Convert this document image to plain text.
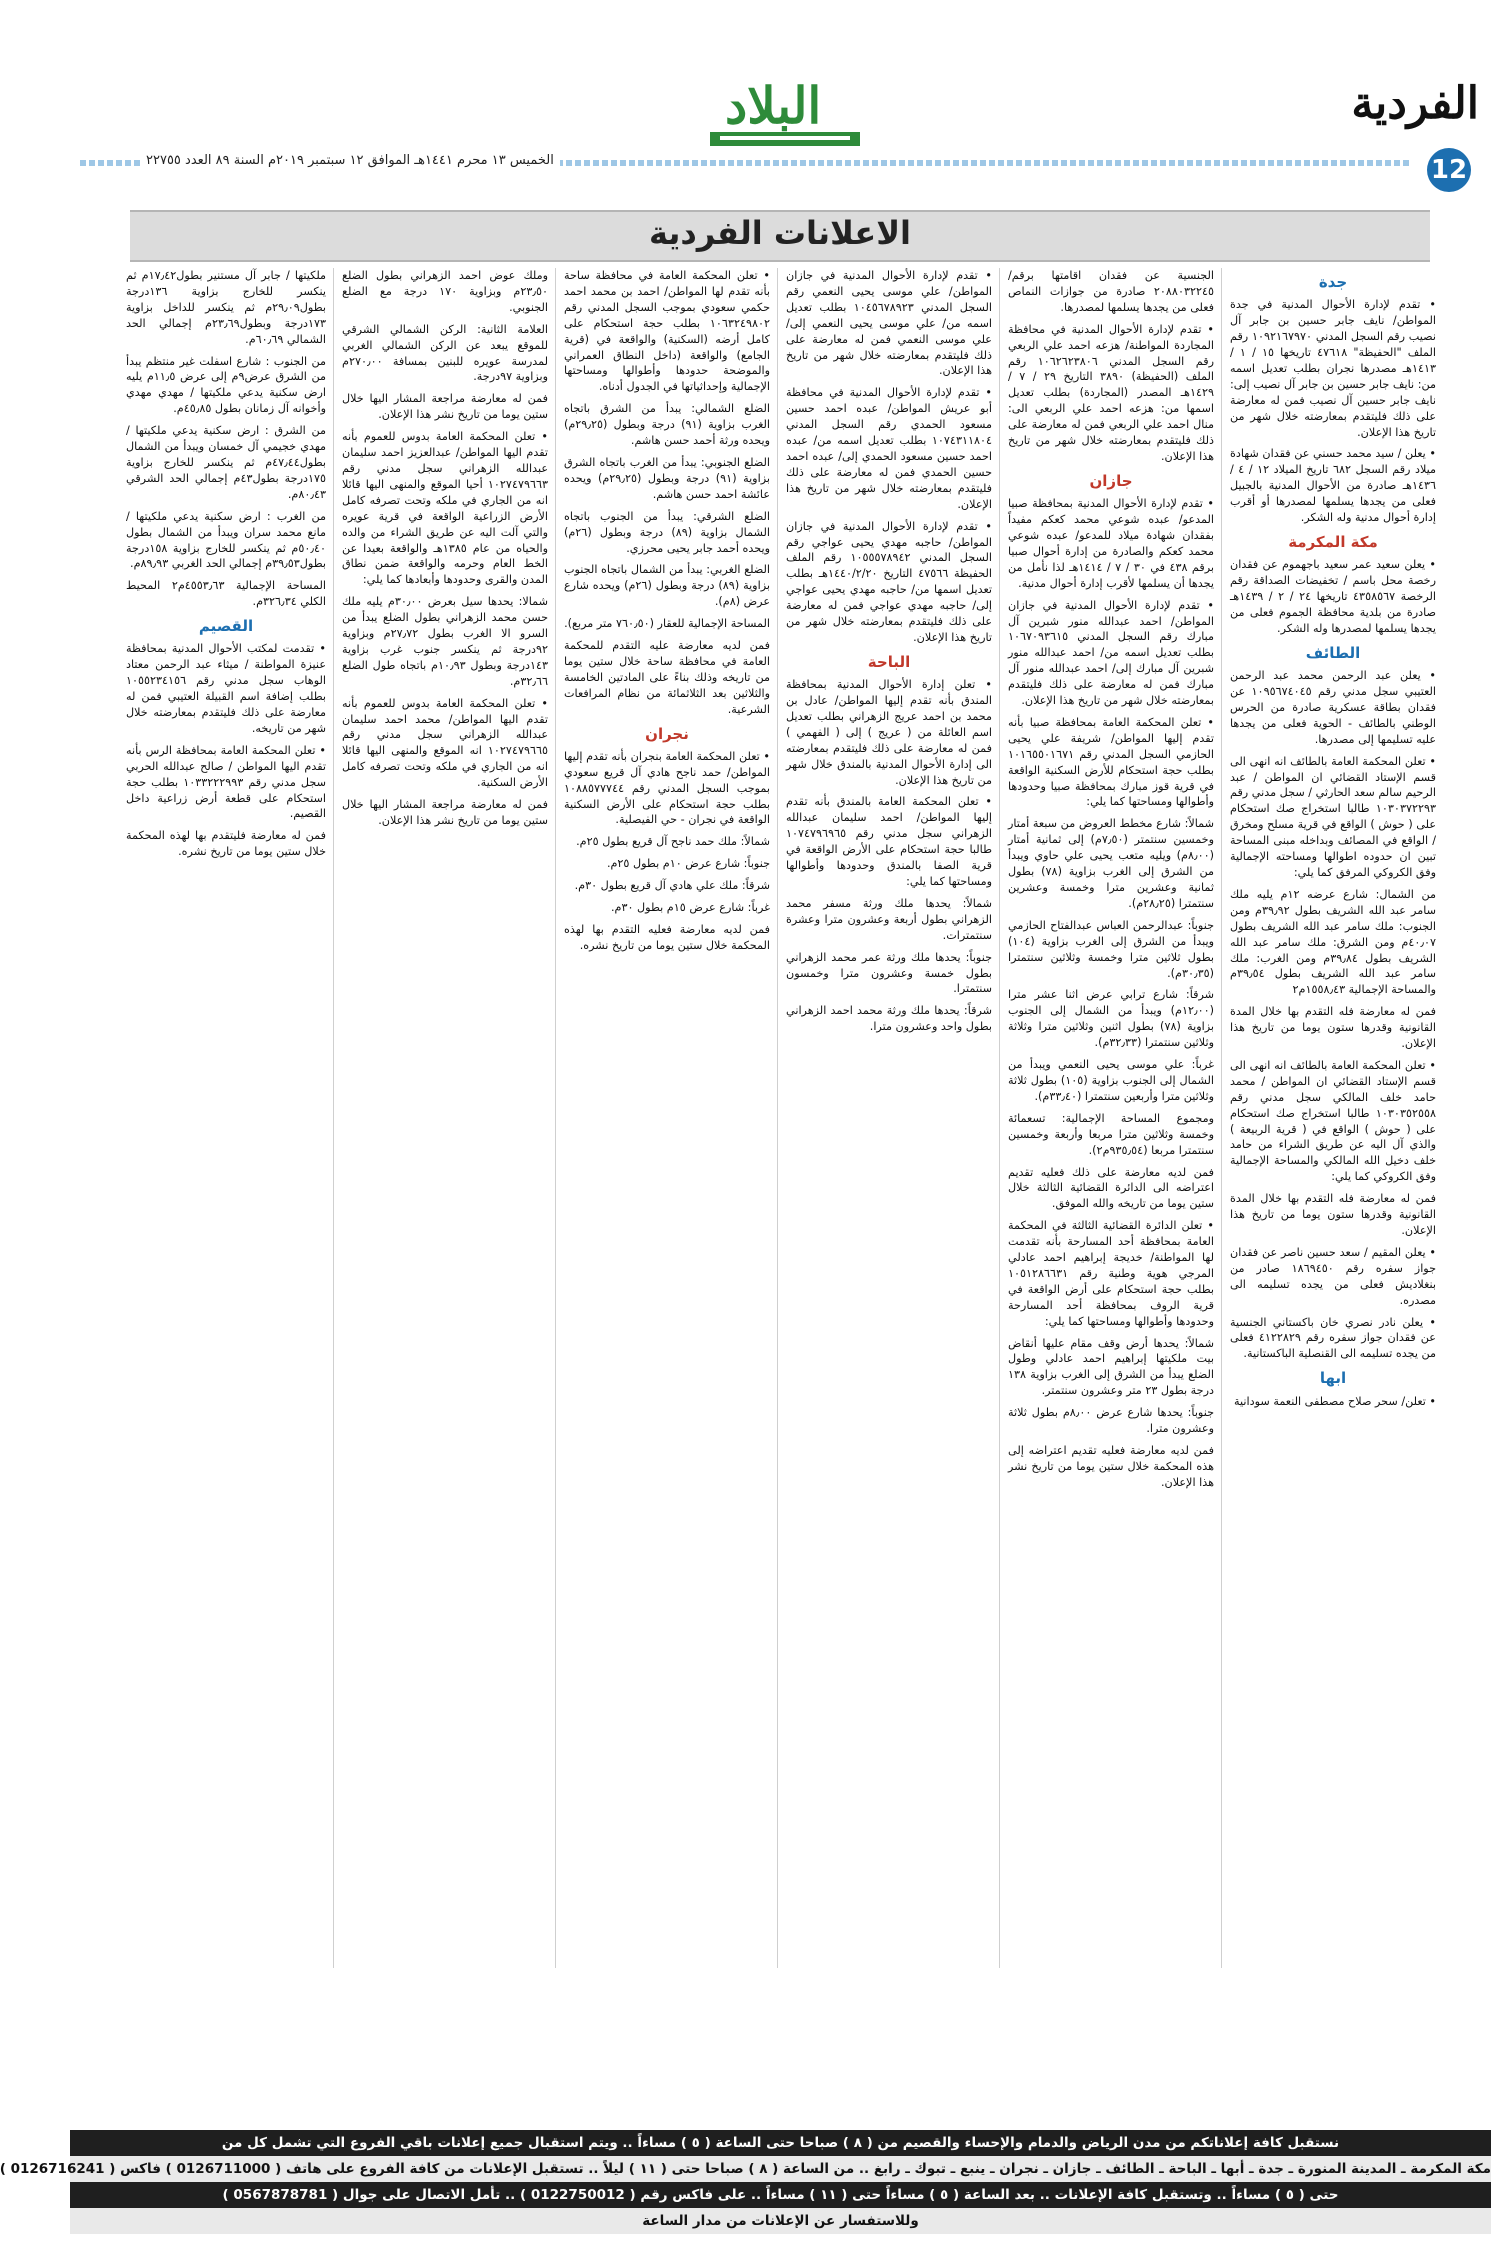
الفردية
12
البلاد
الخميس ١٣ محرم ١٤٤١هـ الموافق ١٢ سبتمبر ٢٠١٩م السنة ٨٩ العدد ٢٢٧٥٥
الاعلانات الفردية
جدة

• تقدم لإدارة الأحوال المدنية في جدة المواطن/ نايف جابر حسين بن جابر آل نصيب رقم السجل المدني ١٠٩٢١٦٧٩٧٠ رقم الملف "الحفيظة" ٤٧٦١٨ تاريخها ١٥ / ١ / ١٤١٣هـ مصدرها نجران بطلب تعديل اسمه من: نايف جابر حسين بن جابر آل نصيب إلى: نايف جابر حسين آل نصيب فمن له معارضة على ذلك فليتقدم بمعارضته خلال شهر من تاريخ هذا الإعلان.

• يعلن / سيد محمد حسني عن فقدان شهادة ميلاد رقم السجل ٦٨٢ تاريخ الميلاد ١٢ / ٤ / ١٤٣٦هـ صادرة من الأحوال المدنية بالجبيل فعلى من يجدها يسلمها لمصدرها أو أقرب إدارة أحوال مدنية وله الشكر.

مكة المكرمة

• يعلن سعيد عمر سعيد باجهموم عن فقدان رخصة محل باسم / تخفيضات الصداقة رقم الرخصة ٤٣٥٨٥٦٧ تاريخها ٢٤ / ٢ / ١٤٣٩هـ صادرة من بلدية محافظة الجموم فعلى من يجدها يسلمها لمصدرها وله الشكر.

الطائف

• يعلن عبد الرحمن محمد عبد الرحمن العتيبي سجل مدني رقم ١٠٩٥٦٧٤٠٤٥ عن فقدان بطاقة عسكرية صادرة من الحرس الوطني بالطائف - الحوية فعلى من يجدها عليه تسليمها إلى مصدرها.

• تعلن المحكمة العامة بالطائف انه انهى الى قسم الإستاد القضائي ان المواطن / عبد الرحيم سالم سعد الحارثي / سجل مدني رقم ١٠٣٠٣٧٢٢٩٣ طالبا استخراج صك استحكام على ( حوش ) الواقع في قرية مسلح ومخرق / الواقع في المصائف وبداخله مبنى المساحة تبين ان حدوده اطوالها ومساحته الإجمالية وفق الكروكي المرفق كما يلي:

من الشمال: شارع عرضه ١٢م يليه ملك سامر عبد الله الشريف بطول ٣٩٫٩٢م ومن الجنوب: ملك سامر عبد الله الشريف بطول ٤٠٫٠٧م ومن الشرق: ملك سامر عبد الله الشريف بطول ٣٩٫٨٤م ومن الغرب: ملك سامر عبد الله الشريف بطول ٣٩٫٥٤م والمساحة الإجمالية ١٥٥٨٫٤٣م٢

فمن له معارضة فله التقدم بها خلال المدة القانونية وقدرها ستون يوما من تاريخ هذا الإعلان.

• تعلن المحكمة العامة بالطائف انه انهى الى قسم الإستاد القضائي ان المواطن / محمد حامد خلف المالكي سجل مدني رقم ١٠٣٠٣٥٢٥٥٨ طالبا استخراج صك استحكام على ( حوش ) الواقع في ( قرية الربيعة ) والذي آل اليه عن طريق الشراء من حامد خلف دخيل الله المالكي والمساحة الإجمالية وفق الكروكي كما يلي:

فمن له معارضة فله التقدم بها خلال المدة القانونية وقدرها ستون يوما من تاريخ هذا الإعلان.

• يعلن المقيم / سعد حسين ناصر عن فقدان جواز سفره رقم ١٨٦٩٤٥٠ صادر من بنغلاديش فعلى من يجده تسليمه الى مصدره.

• يعلن نادر نصري خان باكستاني الجنسية عن فقدان جواز سفره رقم ٤١٢٢٨٢٩ فعلى من يجده تسليمه الى القنصلية الباكستانية.

ابها

• تعلن/ سحر صلاح مصطفى النعمة سودانية

الجنسية عن فقدان اقامتها برقم/ ٢٠٨٨٠٣٢٢٤٥ صادرة من جوازات النماص فعلى من يجدها يسلمها لمصدرها.

• تقدم لإدارة الأحوال المدنية في محافظة المجاردة المواطنة/ هزعه احمد علي الربعي رقم السجل المدني ١٠٦٢٦٢٣٨٠٦ رقم الملف (الحفيظة) ٣٨٩٠ التاريخ ٢٩ / ٧ / ١٤٢٩هـ المصدر (المجاردة) بطلب تعديل اسمها من: هزعه احمد علي الربعي الى: منال احمد علي الربعي فمن له معارضة على ذلك فليتقدم بمعارضته خلال شهر من تاريخ هذا الإعلان.

جازان

• تقدم لإدارة الأحوال المدنية بمحافظة صبيا المدعو/ عبده شوعي محمد كعكم مفيداً بفقدان شهادة ميلاد للمدعو/ عبده شوعي محمد كعكم والصادرة من إدارة أحوال صبيا برقم ٤٣٨ في ٣٠ / ٧ / ١٤١٤هـ لذا نأمل من يجدها أن يسلمها لأقرب إدارة أحوال مدنية.

• تقدم لإدارة الأحوال المدنية في جازان المواطن/ احمد عبدالله منور شبرين آل مبارك رقم السجل المدني ١٠٦٧٠٩٣٦١٥ بطلب تعديل اسمه من/ احمد عبدالله منور شبرين آل مبارك إلى/ احمد عبدالله منور آل مبارك فمن له معارضة على ذلك فليتقدم بمعارضته خلال شهر من تاريخ هذا الإعلان.

• تعلن المحكمة العامة بمحافظة صبيا بأنه تقدم إليها المواطن/ شريفة علي يحيى الحازمي السجل المدني رقم ١٠١٦٥٥٠١٦٧١ بطلب حجة استحكام للأرض السكنية الواقعة في قرية قوز مبارك بمحافظة صبيا وحدودها وأطوالها ومساحتها كما يلي:

شمالاً: شارع مخطط العروض من سبعة أمتار وخمسين سنتمتر (٧٫٥٠م) إلى ثمانية أمتار (٨٫٠٠م) ويليه متعب يحيى علي حاوي ويبدأ من الشرق إلى الغرب بزاوية (٧٨) بطول ثمانية وعشرين مترا وخمسة وعشرين سنتمترا (٢٨٫٢٥م).

جنوباً: عبدالرحمن العباس عبدالفتاح الحازمي ويبدأ من الشرق إلى الغرب بزاوية (١٠٤) بطول ثلاثين مترا وخمسة وثلاثين سنتمترا (٣٠٫٣٥م).

شرقاً: شارع ترابي عرض اثنا عشر مترا (١٢٫٠٠م) ويبدأ من الشمال إلى الجنوب بزاوية (٧٨) بطول اثنين وثلاثين مترا وثلاثة وثلاثين سنتمترا (٣٢٫٣٣م).

غرباً: علي موسى يحيى النعمي ويبدأ من الشمال إلى الجنوب بزاوية (١٠٥) بطول ثلاثة وثلاثين مترا وأربعين سنتمترا (٣٣٫٤٠م).

ومجموع المساحة الإجمالية: تسعمائة وخمسة وثلاثين مترا مربعا وأربعة وخمسين سنتمترا مربعا (٩٣٥٫٥٤م٢).

فمن لديه معارضة على ذلك فعليه تقديم اعتراضه الى الدائرة القضائية الثالثة خلال ستين يوما من تاريخه والله الموفق.

• تعلن الدائرة القضائية الثالثة في المحكمة العامة بمحافظة أحد المسارحة بأنه تقدمت لها المواطنة/ خديجة إبراهيم احمد عادلي المرجي هوية وطنية رقم ١٠٥١٢٨٦٦٣١ بطلب حجة استحكام على أرض الواقعة في قرية الروف بمحافظة أحد المسارحة وحدودها وأطوالها ومساحتها كما يلي:

شمالاً: يحدها أرض وقف مقام عليها أنقاض بيت ملكيتها إبراهيم احمد عادلي وطول الضلع يبدأ من الشرق إلى الغرب بزاوية ١٣٨ درجة بطول ٢٣ متر وعشرون سنتمتر.

جنوباً: يحدها شارع عرض ٨٫٠٠م بطول ثلاثة وعشرون مترا.

فمن لديه معارضة فعليه تقديم اعتراضه إلى هذه المحكمة خلال ستين يوما من تاريخ نشر هذا الإعلان.

• تقدم لإدارة الأحوال المدنية في جازان المواطن/ علي موسى يحيى النعمي رقم السجل المدني ١٠٤٥٦٧٨٩٢٣ بطلب تعديل اسمه من/ علي موسى يحيى النعمي إلى/ علي موسى النعمي فمن له معارضة على ذلك فليتقدم بمعارضته خلال شهر من تاريخ هذا الإعلان.

• تقدم لإدارة الأحوال المدنية في محافظة أبو عريش المواطن/ عبده احمد حسين مسعود الحمدي رقم السجل المدني ١٠٧٤٣١١٨٠٤ بطلب تعديل اسمه من/ عبده احمد حسين مسعود الحمدي إلى/ عبده احمد حسين الحمدي فمن له معارضة على ذلك فليتقدم بمعارضته خلال شهر من تاريخ هذا الإعلان.

• تقدم لإدارة الأحوال المدنية في جازان المواطن/ حاجبه مهدي يحيى عواجي رقم السجل المدني ١٠٥٥٥٧٨٩٤٢ رقم الملف الحفيظة ٤٧٥٦٦ التاريخ ١٤٤٠/٢/٢٠هـ بطلب تعديل اسمها من/ حاجبه مهدي يحيى عواجي إلى/ حاجبه مهدي عواجي فمن له معارضة على ذلك فليتقدم بمعارضته خلال شهر من تاريخ هذا الإعلان.

الباحة

• تعلن إدارة الأحوال المدنية بمحافظة المندق بأنه تقدم إليها المواطن/ عادل بن محمد بن احمد عريج الزهراني بطلب تعديل اسم العائلة من ( عريج ) إلى ( الفهمي ) فمن له معارضة على ذلك فليتقدم بمعارضته الى إدارة الأحوال المدنية بالمندق خلال شهر من تاريخ هذا الإعلان.

• تعلن المحكمة العامة بالمندق بأنه تقدم إليها المواطن/ احمد سليمان عبدالله الزهراني سجل مدني رقم ١٠٧٤٧٩٦٩٦٥ طالبا حجة استحكام على الأرض الواقعة في قرية الصفا بالمندق وحدودها وأطوالها ومساحتها كما يلي:

شمالاً: يحدها ملك ورثة مسفر محمد الزهراني بطول أربعة وعشرون مترا وعشرة سنتمترات.

جنوباً: يحدها ملك ورثة عمر محمد الزهراني بطول خمسة وعشرون مترا وخمسون سنتمترا.

شرقاً: يحدها ملك ورثة محمد احمد الزهراني بطول واحد وعشرون مترا.

• تعلن المحكمة العامة في محافظة ساحة بأنه تقدم لها المواطن/ احمد بن محمد احمد حكمي سعودي بموجب السجل المدني رقم ١٠٦٣٢٤٩٨٠٢ بطلب حجة استحكام على كامل أرضه (السكنية) والواقعة في (قرية الجامع) والواقعة (داخل النطاق العمراني والموضحة حدودها وأطوالها ومساحتها الإجمالية وإحداثياتها في الجدول أدناه.

الضلع الشمالي: يبدأ من الشرق باتجاه الغرب بزاوية (٩١) درجة وبطول (٢٩٫٢٥م) ويحده ورثة أحمد حسن هاشم.

الضلع الجنوبي: يبدأ من الغرب باتجاه الشرق بزاوية (٩١) درجة وبطول (٢٩٫٢٥م) ويحده عائشة احمد حسن هاشم.

الضلع الشرقي: يبدأ من الجنوب باتجاه الشمال بزاوية (٨٩) درجة وبطول (٢٦م) ويحده أحمد جابر يحيى محرزي.

الضلع الغربي: يبدأ من الشمال باتجاه الجنوب بزاوية (٨٩) درجة وبطول (٢٦م) ويحده شارع عرض (٨م).

المساحة الإجمالية للعقار (٧٦٠٫٥٠ متر مربع).

فمن لديه معارضة عليه التقدم للمحكمة العامة في محافظة ساحة خلال ستين يوما من تاريخه وذلك بناءً على المادتين الخامسة والثلاثين بعد الثلاثمائة من نظام المرافعات الشرعية.

نجران

• تعلن المحكمة العامة بنجران بأنه تقدم إليها المواطن/ حمد ناجح هادي آل قريع سعودي بموجب السجل المدني رقم ١٠٨٨٥٧٧٧٤٤ بطلب حجة استحكام على الأرض السكنية الواقعة في نجران - حي الفيصلية.

شمالاً: ملك حمد ناجح آل قريع بطول ٢٥م.

جنوباً: شارع عرض ١٠م بطول ٢٥م.

شرقاً: ملك علي هادي آل قريع بطول ٣٠م.

غرباً: شارع عرض ١٥م بطول ٣٠م.

فمن لديه معارضة فعليه التقدم بها لهذه المحكمة خلال ستين يوما من تاريخ نشره.

وملك عوض احمد الزهراني بطول الضلع ٢٣٫٥٠م وبزاوية ١٧٠ درجة مع الضلع الجنوبي.

العلامة الثانية: الركن الشمالي الشرقي للموقع يبعد عن الركن الشمالي الغربي لمدرسة عويره للبنين بمسافة ٢٧٠٫٠٠م وبزاوية ٩٧درجة.

فمن له معارضة مراجعة المشار اليها خلال ستين يوما من تاريخ نشر هذا الإعلان.

• تعلن المحكمة العامة بدوس للعموم بأنه تقدم اليها المواطن/ عبدالعزيز احمد سليمان عبدالله الزهراني سجل مدني رقم ١٠٢٧٤٧٩٦٦٣ أحيا الموقع والمنهى اليها قائلا انه من الجاري في ملكه وتحت تصرفه كامل الأرض الزراعية الواقعة في قرية عويره والتي آلت اليه عن طريق الشراء من والده والحياه من عام ١٣٨٥هـ والواقعة بعيدا عن الخط العام وحرمه والواقعة ضمن نطاق المدن والقرى وحدودها وأبعادها كما يلي:

شمالا: يحدها سيل بعرض ٣٠٫٠٠م يليه ملك حسن محمد الزهراني بطول الضلع يبدأ من السرو الا الغرب بطول ٢٧٫٧٢م وبزاوية ٩٢درجة ثم ينكسر جنوب غرب بزاوية ١٤٣درجة وبطول ١٠٫٩٣م باتجاه طول الضلع ٣٢٫٦٦م.

• تعلن المحكمة العامة بدوس للعموم بأنه تقدم اليها المواطن/ محمد احمد سليمان عبدالله الزهراني سجل مدني رقم ١٠٢٧٤٧٩٦٦٥ انه الموقع والمنهى اليها قائلا انه من الجاري في ملكه وتحت تصرفه كامل الأرض السكنية.

فمن له معارضة مراجعة المشار اليها خلال ستين يوما من تاريخ نشر هذا الإعلان.

ملكيتها / جابر آل مستنير بطول١٧٫٤٢م ثم ينكسر للخارج بزاوية ١٣٦درجة بطول٢٩٫٠٩م ثم ينكسر للداخل بزاوية ١٧٣درجة وبطول٢٣٫٦٩م إجمالي الحد الشمالي ٦٠٫٦٩م.

من الجنوب : شارع اسفلت غير منتظم يبدأ من الشرق عرض٩م إلى عرض ١١٫٥م يليه ارض سكنية يدعي ملكيتها / مهدي مهدي وأخوانه آل زمانان بطول ٤٥٫٨٥م.

من الشرق : ارض سكنية يدعي ملكيتها / مهدي خجيمي آل خمسان ويبدأ من الشمال بطول٤٧٫٤٤م ثم ينكسر للخارج بزاوية ١٧٥درجة بطول٤٣م إجمالي الحد الشرقي ٨٠٫٤٣م.

من الغرب : ارض سكنية يدعي ملكيتها / مانع محمد سران ويبدأ من الشمال بطول ٥٠٫٤٠م ثم ينكسر للخارج بزاوية ١٥٨درجة بطول٣٩٫٥٣م إجمالي الحد الغربي ٨٩٫٩٣م.

المساحة الإجمالية ٤٥٥٣٫٦٣م٢ المحيط الكلي ٣٢٦٫٣٤م.

القصيم

• تقدمت لمكتب الأحوال المدنية بمحافظة عنيزة المواطنة / ميثاء عبد الرحمن معتاد الوهاب سجل مدني رقم ١٠٥٥٢٣٤١٥٦ بطلب إضافة اسم القبيلة العتيبي فمن له معارضة على ذلك فليتقدم بمعارضته خلال شهر من تاريخه.

• تعلن المحكمة العامة بمحافظة الرس بأنه تقدم اليها المواطن / صالح عبدالله الحربي سجل مدني رقم ١٠٣٣٢٢٢٩٩٣ بطلب حجة استحكام على قطعة أرض زراعية داخل القصيم.

فمن له معارضة فليتقدم بها لهذه المحكمة خلال ستين يوما من تاريخ نشره.

نستقبل كافة إعلاناتكم من مدن الرياض والدمام والإحساء والقصيم من ( ٨ ) صباحا حتى الساعة ( ٥ ) مساءاً .. ويتم استقبال جميع إعلانات باقي الفروع التي تشمل كل من
مكة المكرمة ـ المدينة المنورة ـ جدة ـ أبها ـ الباحة ـ الطائف ـ جازان ـ نجران ـ ينبع ـ تبوك ـ رابغ .. من الساعة ( ٨ ) صباحا حتى ( ١١ ) ليلاً .. تستقبل الإعلانات من كافة الفروع على هاتف ( 0126711000 ) فاكس ( 0126716241 )
حتى ( ٥ ) مساءاً .. وتستقبل كافة الإعلانات .. بعد الساعة ( ٥ ) مساءاً حتى ( ١١ ) مساءاً .. على فاكس رقم ( 0122750012 ) .. تأمل الاتصال على جوال ( 0567878781 )
وللاستفسار عن الإعلانات من مدار الساعة
